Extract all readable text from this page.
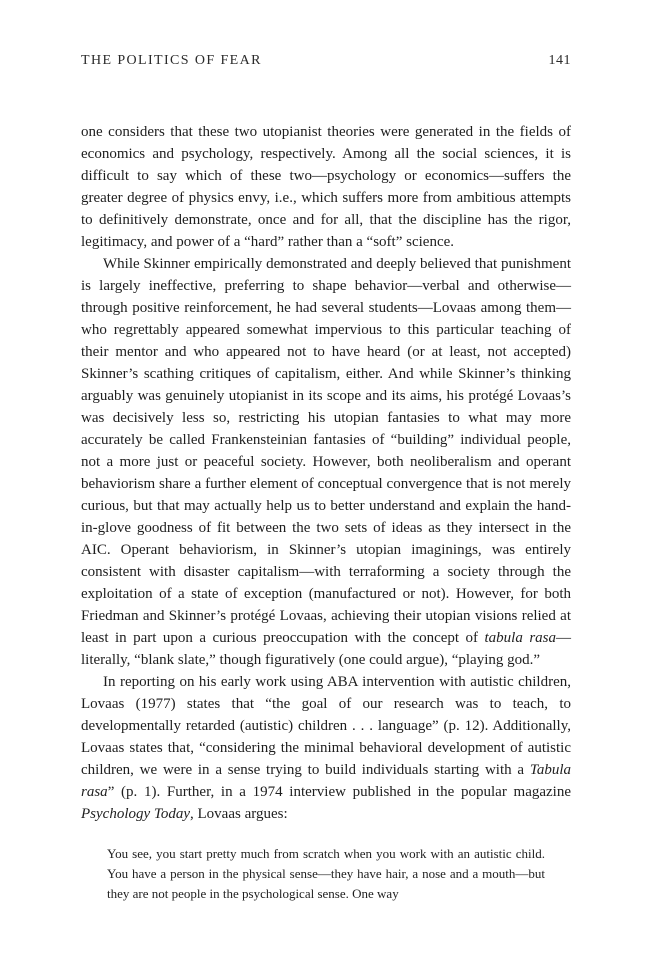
THE POLITICS OF FEAR	141

one considers that these two utopianist theories were generated in the fields of economics and psychology, respectively. Among all the social sciences, it is difficult to say which of these two—psychology or economics—suffers the greater degree of physics envy, i.e., which suffers more from ambitious attempts to definitively demonstrate, once and for all, that the discipline has the rigor, legitimacy, and power of a “hard” rather than a “soft” science.

While Skinner empirically demonstrated and deeply believed that punishment is largely ineffective, preferring to shape behavior—verbal and otherwise—through positive reinforcement, he had several students—Lovaas among them—who regrettably appeared somewhat impervious to this particular teaching of their mentor and who appeared not to have heard (or at least, not accepted) Skinner’s scathing critiques of capitalism, either. And while Skinner’s thinking arguably was genuinely utopianist in its scope and its aims, his protégé Lovaas’s was decisively less so, restricting his utopian fantasies to what may more accurately be called Frankensteinian fantasies of “building” individual people, not a more just or peaceful society. However, both neoliberalism and operant behaviorism share a further element of conceptual convergence that is not merely curious, but that may actually help us to better understand and explain the hand-in-glove goodness of fit between the two sets of ideas as they intersect in the AIC. Operant behaviorism, in Skinner’s utopian imaginings, was entirely consistent with disaster capitalism—with terraforming a society through the exploitation of a state of exception (manufactured or not). However, for both Friedman and Skinner’s protégé Lovaas, achieving their utopian visions relied at least in part upon a curious preoccupation with the concept of tabula rasa—literally, “blank slate,” though figuratively (one could argue), “playing god.”

In reporting on his early work using ABA intervention with autistic children, Lovaas (1977) states that “the goal of our research was to teach, to developmentally retarded (autistic) children . . . language” (p. 12). Additionally, Lovaas states that, “considering the minimal behavioral development of autistic children, we were in a sense trying to build individuals starting with a Tabula rasa” (p. 1). Further, in a 1974 interview published in the popular magazine Psychology Today, Lovaas argues:

You see, you start pretty much from scratch when you work with an autistic child. You have a person in the physical sense—they have hair, a nose and a mouth—but they are not people in the psychological sense. One way
